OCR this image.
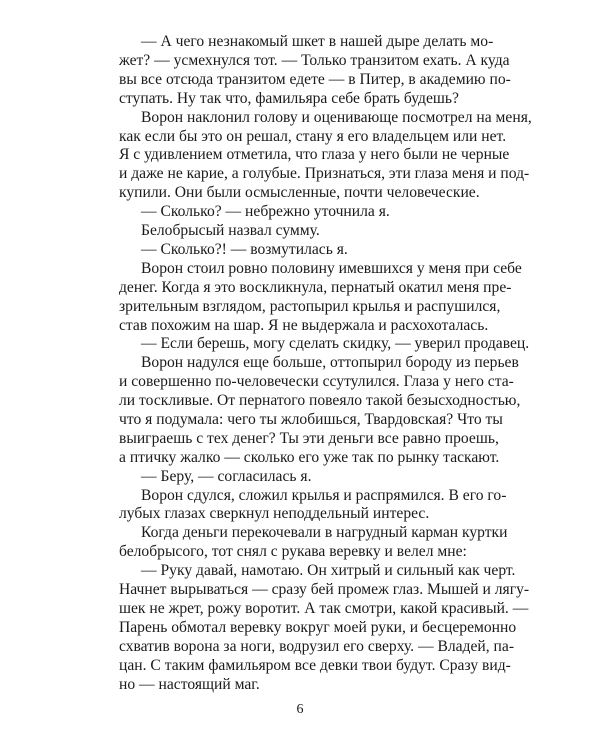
— А чего незнакомый шкет в нашей дыре делать мо-
жет? — усмехнулся тот. — Только транзитом ехать. А куда
вы все отсюда транзитом едете — в Питер, в академию по-
ступать. Ну так что, фамильяра себе брать будешь?
Ворон наклонил голову и оценивающе посмотрел на меня,
как если бы это он решал, стану я его владельцем или нет.
Я с удивлением отметила, что глаза у него были не черные
и даже не карие, а голубые. Признаться, эти глаза меня и под-
купили. Они были осмысленные, почти человеческие.
— Сколько? — небрежно уточнила я.
Белобрысый назвал сумму.
— Сколько?! — возмутилась я.
Ворон стоил ровно половину имевшихся у меня при себе
денег. Когда я это воскликнула, пернатый окатил меня пре-
зрительным взглядом, растопырил крылья и распушился,
став похожим на шар. Я не выдержала и расхохоталась.
— Если берешь, могу сделать скидку, — уверил продавец.
Ворон надулся еще больше, оттопырил бороду из перьев
и совершенно по-человечески ссутулился. Глаза у него ста-
ли тоскливые. От пернатого повеяло такой безысходностью,
что я подумала: чего ты жлобишься, Твардовская? Что ты
выиграешь с тех денег? Ты эти деньги все равно проешь,
а птичку жалко — сколько его уже так по рынку таскают.
— Беру, — согласилась я.
Ворон сдулся, сложил крылья и распрямился. В его го-
лубых глазах сверкнул неподдельный интерес.
Когда деньги перекочевали в нагрудный карман куртки
белобрысого, тот снял с рукава веревку и велел мне:
— Руку давай, намотаю. Он хитрый и сильный как черт.
Начнет вырываться — сразу бей промеж глаз. Мышей и лягу-
шек не жрет, рожу воротит. А так смотри, какой красивый. —
Парень обмотал веревку вокруг моей руки, и бесцеремонно
схватив ворона за ноги, водрузил его сверху. — Владей, па-
цан. С таким фамильяром все девки твои будут. Сразу вид-
но — настоящий маг.
6
